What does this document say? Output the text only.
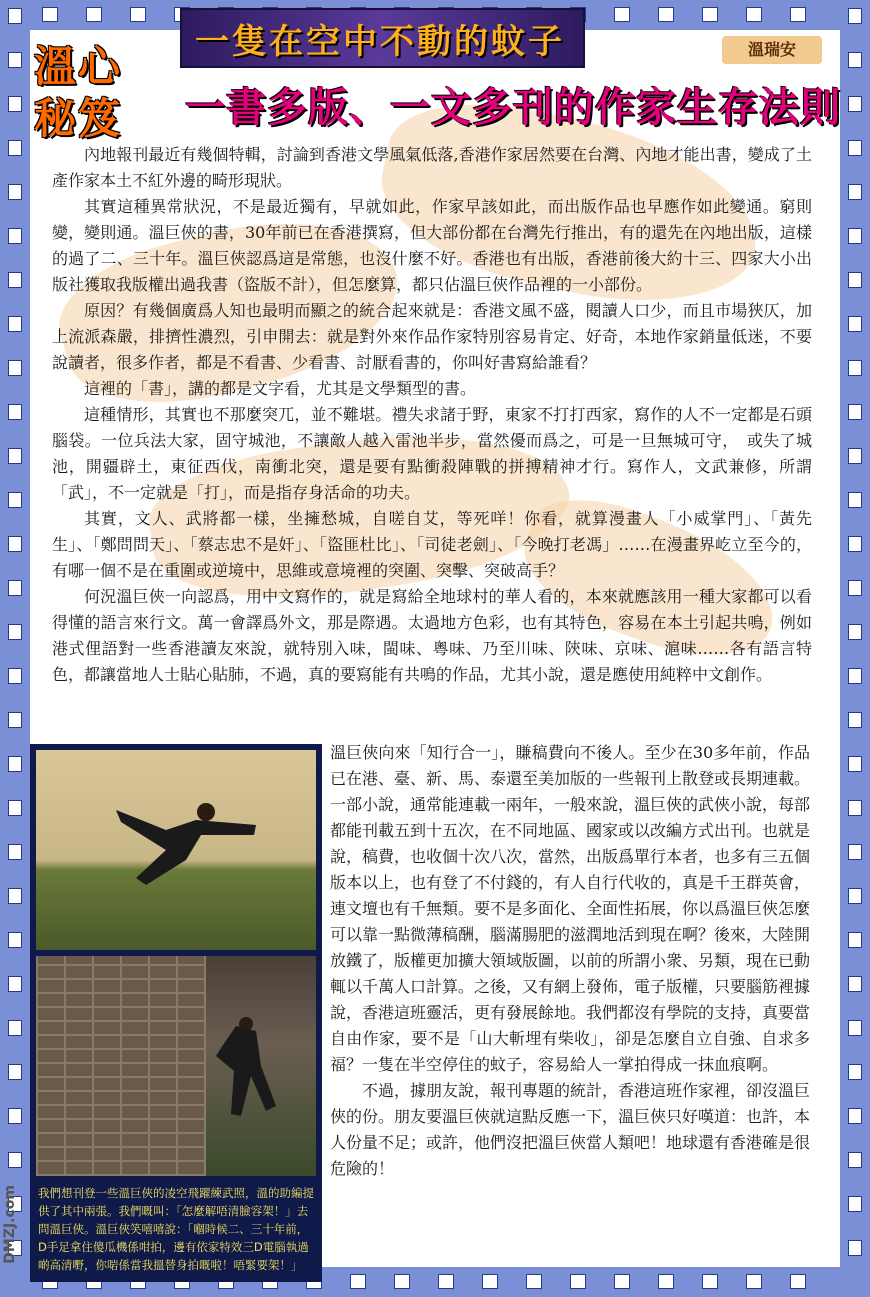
一隻在空中不動的蚊子	溫瑞安
溫心
秘笈 一書多版、一文多刊的作家生存法則

內地報刊最近有幾個特輯，討論到香港文學風氣低落,香港作家居然要在台灣、內地才能出書，變成了土產作家本土不紅外邊的畸形現狀。

其實這種異常狀況，不是最近獨有，早就如此，作家早該如此，而出版作品也早應作如此變通。窮則變，變則通。溫巨俠的書，30年前已在香港撰寫，但大部份都在台灣先行推出，有的還先在內地出版，這樣的過了二、三十年。溫巨俠認爲這是常態，也沒什麼不好。香港也有出版，香港前後大約十三、四家大小出版社獲取我版權出過我書（盜版不計），但怎麼算，都只佔溫巨俠作品裡的一小部份。

原因？有幾個廣爲人知也最明而顯之的統合起來就是：香港文風不盛，閱讀人口少，而且市場狹仄，加上流派森嚴，排擠性濃烈，引申開去：就是對外來作品作家特別容易肯定、好奇，本地作家銷量低迷，不要說讀者，很多作者，都是不看書、少看書、討厭看書的，你叫好書寫給誰看？

這裡的「書」，講的都是文字看，尤其是文學類型的書。

這種情形，其實也不那麼突兀，並不難堪。禮失求諸于野，東家不打打西家，寫作的人不一定都是石頭腦袋。一位兵法大家，固守城池，不讓敵人越入雷池半步，當然優而爲之，可是一旦無城可守，　或失了城池，開疆辟土，東征西伐，南衝北突，還是要有點衝殺陣戰的拼搏精神才行。寫作人，文武兼修，所謂「武」，不一定就是「打」，而是指存身活命的功夫。

其實，文人、武將都一樣，坐擁愁城，自嗟自艾，等死咩！你看，就算漫畫人「小威掌門」、「黃先生」、「鄭問問天」、「蔡志忠不是奸」、「盜匪杜比」、「司徒老劍」、「今晚打老馮」……在漫畫界屹立至今的，有哪一個不是在重圍或逆境中，思維或意境裡的突圍、突擊、突破高手？

何況溫巨俠一向認爲，用中文寫作的，就是寫給全地球村的華人看的，本來就應該用一種大家都可以看得懂的語言來行文。萬一會譯爲外文，那是際遇。太過地方色彩，也有其特色，容易在本土引起共鳴，例如港式俚語對一些香港讀友來說，就特別入味，閩味、粵味、乃至川味、陝味、京味、滬味……各有語言特色，都讓當地人士貼心貼肺，不過，真的要寫能有共鳴的作品，尤其小說，還是應使用純粹中文創作。

我們想刊登一些溫巨俠的凌空飛躍練武照，溫的助編提供了其中兩張。我們嘅叫：「怎麼解唔清臉容架！」去問溫巨俠。溫巨俠笑嘻嘻說：「嗰時候二、三十年前，D手足拿住傻瓜機係咁拍，邊有依家特效三D電腦執過啲高清嘢，你啱係當我搵替身拍嘅啦！唔緊要架！」

溫巨俠向來「知行合一」，賺稿費向不後人。至少在30多年前，作品已在港、臺、新、馬、泰還至美加版的一些報刊上散登或長期連載。一部小說，通常能連載一兩年，一般來說，溫巨俠的武俠小說，每部都能刊載五到十五次，在不同地區、國家或以改編方式出刊。也就是說，稿費，也收個十次八次，當然，出版爲單行本者，也多有三五個版本以上，也有登了不付錢的，有人自行代收的，真是千王群英會，連文壇也有千無類。要不是多面化、全面性拓展，你以爲溫巨俠怎麼可以靠一點微薄稿酬，腦滿腸肥的滋潤地活到現在啊？後來，大陸開放鐵了，版權更加擴大領域版圖，以前的所謂小衆、另類，現在已動輒以千萬人口計算。之後，又有網上發佈，電子版權，只要腦筋裡據說，香港這班靈活，更有發展餘地。我們都沒有學院的支持，真要當自由作家，要不是「山大斬埋有柴收」，卻是怎麼自立自強、自求多福？一隻在半空停住的蚊子，容易給人一掌拍得成一抹血痕啊。

不過，據朋友說，報刊專題的統計，香港這班作家裡，卻沒溫巨俠的份。朋友要溫巨俠就這點反應一下，溫巨俠只好嘆道：也許，本人份量不足；或許，他們沒把溫巨俠當人類吧！地球還有香港確是很危險的！

DMZJ.com
